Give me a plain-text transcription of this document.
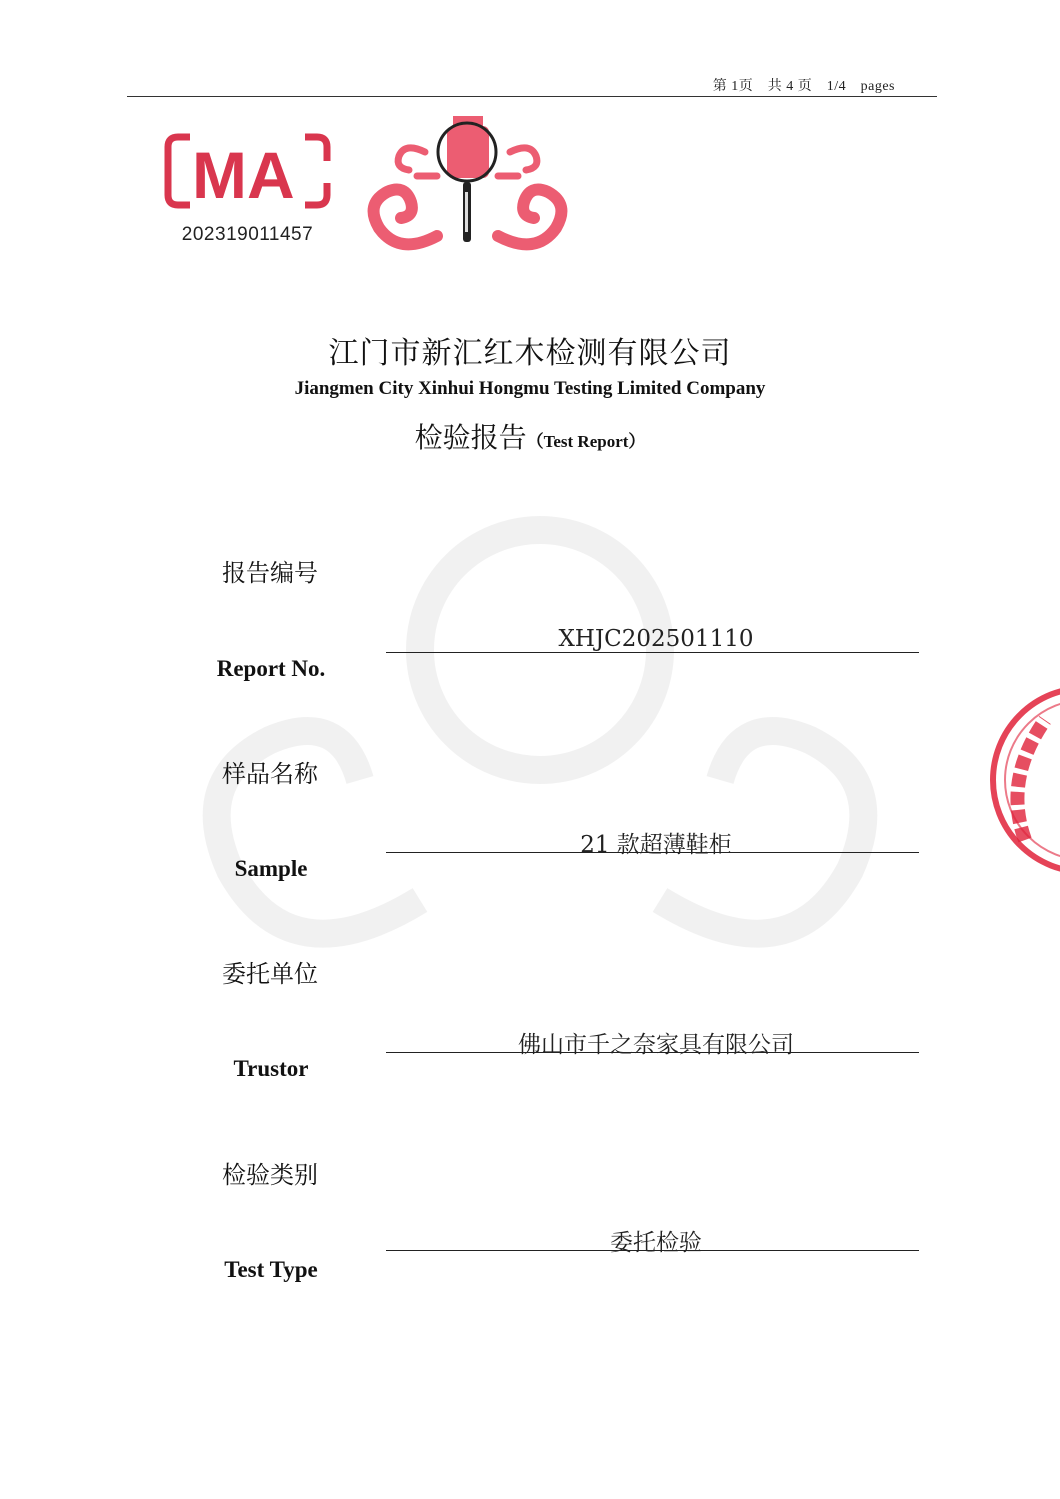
第 1页　共 4 页　1/4　pages
MA
202319011457
江门市新汇红木检测有限公司
Jiangmen City Xinhui Hongmu Testing Limited Company
检验报告（Test Report）
报告编号
XHJC202501110
Report No.
样品名称
21 款超薄鞋柜
Sample
委托单位
佛山市千之奈家具有限公司
Trustor
检验类别
委托检验
Test Type
